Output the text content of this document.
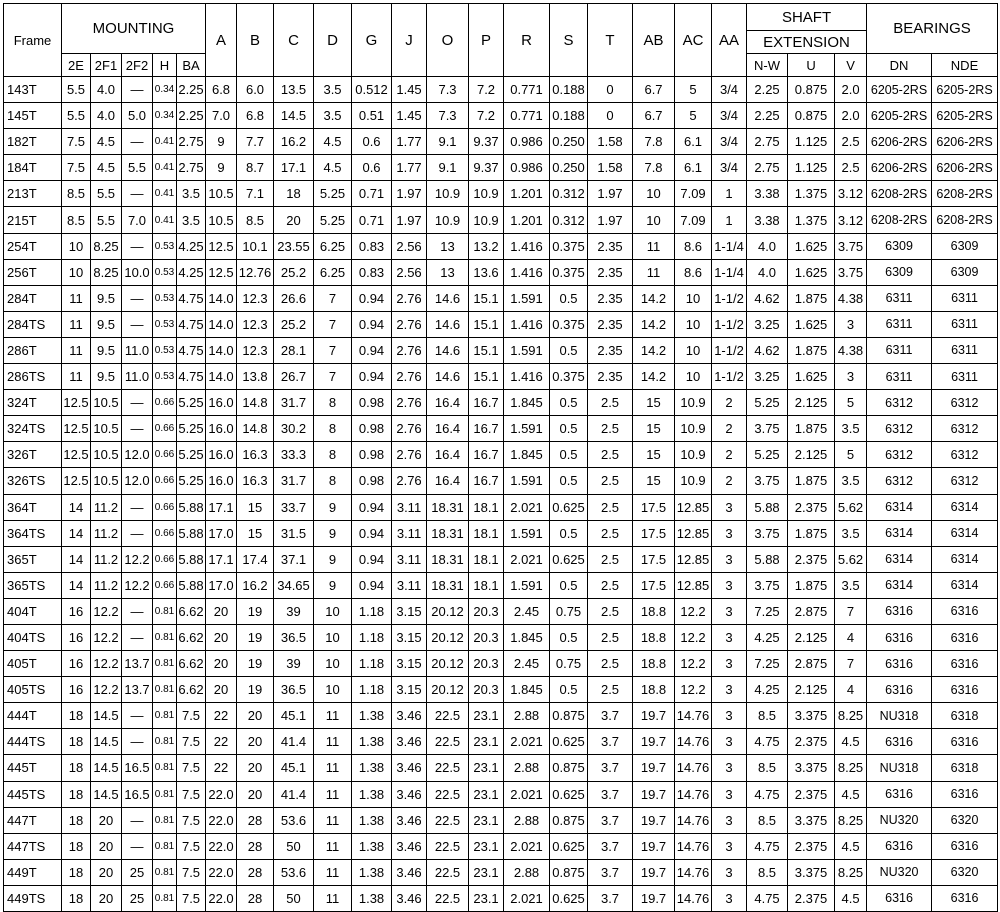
Frame	MOUNTING					A	B	C	D	G	J	O	P	R	S	T	AB	AC	AA	SHAFT			BEARINGS	
																				EXTENSION				
	2E	2F1	2F2	H	BA															N-W	U	V	DN	NDE
143T	5.5	4.0	—	0.34	2.25	6.8	6.0	13.5	3.5	0.512	1.45	7.3	7.2	0.771	0.188	0	6.7	5	3/4	2.25	0.875	2.0	6205-2RS	6205-2RS
145T	5.5	4.0	5.0	0.34	2.25	7.0	6.8	14.5	3.5	0.51	1.45	7.3	7.2	0.771	0.188	0	6.7	5	3/4	2.25	0.875	2.0	6205-2RS	6205-2RS
182T	7.5	4.5	—	0.41	2.75	9	7.7	16.2	4.5	0.6	1.77	9.1	9.37	0.986	0.250	1.58	7.8	6.1	3/4	2.75	1.125	2.5	6206-2RS	6206-2RS
184T	7.5	4.5	5.5	0.41	2.75	9	8.7	17.1	4.5	0.6	1.77	9.1	9.37	0.986	0.250	1.58	7.8	6.1	3/4	2.75	1.125	2.5	6206-2RS	6206-2RS
213T	8.5	5.5	—	0.41	3.5	10.5	7.1	18	5.25	0.71	1.97	10.9	10.9	1.201	0.312	1.97	10	7.09	1	3.38	1.375	3.12	6208-2RS	6208-2RS
215T	8.5	5.5	7.0	0.41	3.5	10.5	8.5	20	5.25	0.71	1.97	10.9	10.9	1.201	0.312	1.97	10	7.09	1	3.38	1.375	3.12	6208-2RS	6208-2RS
254T	10	8.25	—	0.53	4.25	12.5	10.1	23.55	6.25	0.83	2.56	13	13.2	1.416	0.375	2.35	11	8.6	1-1/4	4.0	1.625	3.75	6309	6309
256T	10	8.25	10.0	0.53	4.25	12.5	12.76	25.2	6.25	0.83	2.56	13	13.6	1.416	0.375	2.35	11	8.6	1-1/4	4.0	1.625	3.75	6309	6309
284T	11	9.5	—	0.53	4.75	14.0	12.3	26.6	7	0.94	2.76	14.6	15.1	1.591	0.5	2.35	14.2	10	1-1/2	4.62	1.875	4.38	6311	6311
284TS	11	9.5	—	0.53	4.75	14.0	12.3	25.2	7	0.94	2.76	14.6	15.1	1.416	0.375	2.35	14.2	10	1-1/2	3.25	1.625	3	6311	6311
286T	11	9.5	11.0	0.53	4.75	14.0	12.3	28.1	7	0.94	2.76	14.6	15.1	1.591	0.5	2.35	14.2	10	1-1/2	4.62	1.875	4.38	6311	6311
286TS	11	9.5	11.0	0.53	4.75	14.0	13.8	26.7	7	0.94	2.76	14.6	15.1	1.416	0.375	2.35	14.2	10	1-1/2	3.25	1.625	3	6311	6311
324T	12.5	10.5	—	0.66	5.25	16.0	14.8	31.7	8	0.98	2.76	16.4	16.7	1.845	0.5	2.5	15	10.9	2	5.25	2.125	5	6312	6312
324TS	12.5	10.5	—	0.66	5.25	16.0	14.8	30.2	8	0.98	2.76	16.4	16.7	1.591	0.5	2.5	15	10.9	2	3.75	1.875	3.5	6312	6312
326T	12.5	10.5	12.0	0.66	5.25	16.0	16.3	33.3	8	0.98	2.76	16.4	16.7	1.845	0.5	2.5	15	10.9	2	5.25	2.125	5	6312	6312
326TS	12.5	10.5	12.0	0.66	5.25	16.0	16.3	31.7	8	0.98	2.76	16.4	16.7	1.591	0.5	2.5	15	10.9	2	3.75	1.875	3.5	6312	6312
364T	14	11.2	—	0.66	5.88	17.1	15	33.7	9	0.94	3.11	18.31	18.1	2.021	0.625	2.5	17.5	12.85	3	5.88	2.375	5.62	6314	6314
364TS	14	11.2	—	0.66	5.88	17.0	15	31.5	9	0.94	3.11	18.31	18.1	1.591	0.5	2.5	17.5	12.85	3	3.75	1.875	3.5	6314	6314
365T	14	11.2	12.2	0.66	5.88	17.1	17.4	37.1	9	0.94	3.11	18.31	18.1	2.021	0.625	2.5	17.5	12.85	3	5.88	2.375	5.62	6314	6314
365TS	14	11.2	12.2	0.66	5.88	17.0	16.2	34.65	9	0.94	3.11	18.31	18.1	1.591	0.5	2.5	17.5	12.85	3	3.75	1.875	3.5	6314	6314
404T	16	12.2	—	0.81	6.62	20	19	39	10	1.18	3.15	20.12	20.3	2.45	0.75	2.5	18.8	12.2	3	7.25	2.875	7	6316	6316
404TS	16	12.2	—	0.81	6.62	20	19	36.5	10	1.18	3.15	20.12	20.3	1.845	0.5	2.5	18.8	12.2	3	4.25	2.125	4	6316	6316
405T	16	12.2	13.7	0.81	6.62	20	19	39	10	1.18	3.15	20.12	20.3	2.45	0.75	2.5	18.8	12.2	3	7.25	2.875	7	6316	6316
405TS	16	12.2	13.7	0.81	6.62	20	19	36.5	10	1.18	3.15	20.12	20.3	1.845	0.5	2.5	18.8	12.2	3	4.25	2.125	4	6316	6316
444T	18	14.5	—	0.81	7.5	22	20	45.1	11	1.38	3.46	22.5	23.1	2.88	0.875	3.7	19.7	14.76	3	8.5	3.375	8.25	NU318	6318
444TS	18	14.5	—	0.81	7.5	22	20	41.4	11	1.38	3.46	22.5	23.1	2.021	0.625	3.7	19.7	14.76	3	4.75	2.375	4.5	6316	6316
445T	18	14.5	16.5	0.81	7.5	22	20	45.1	11	1.38	3.46	22.5	23.1	2.88	0.875	3.7	19.7	14.76	3	8.5	3.375	8.25	NU318	6318
445TS	18	14.5	16.5	0.81	7.5	22.0	20	41.4	11	1.38	3.46	22.5	23.1	2.021	0.625	3.7	19.7	14.76	3	4.75	2.375	4.5	6316	6316
447T	18	20	—	0.81	7.5	22.0	28	53.6	11	1.38	3.46	22.5	23.1	2.88	0.875	3.7	19.7	14.76	3	8.5	3.375	8.25	NU320	6320
447TS	18	20	—	0.81	7.5	22.0	28	50	11	1.38	3.46	22.5	23.1	2.021	0.625	3.7	19.7	14.76	3	4.75	2.375	4.5	6316	6316
449T	18	20	25	0.81	7.5	22.0	28	53.6	11	1.38	3.46	22.5	23.1	2.88	0.875	3.7	19.7	14.76	3	8.5	3.375	8.25	NU320	6320
449TS	18	20	25	0.81	7.5	22.0	28	50	11	1.38	3.46	22.5	23.1	2.021	0.625	3.7	19.7	14.76	3	4.75	2.375	4.5	6316	6316
